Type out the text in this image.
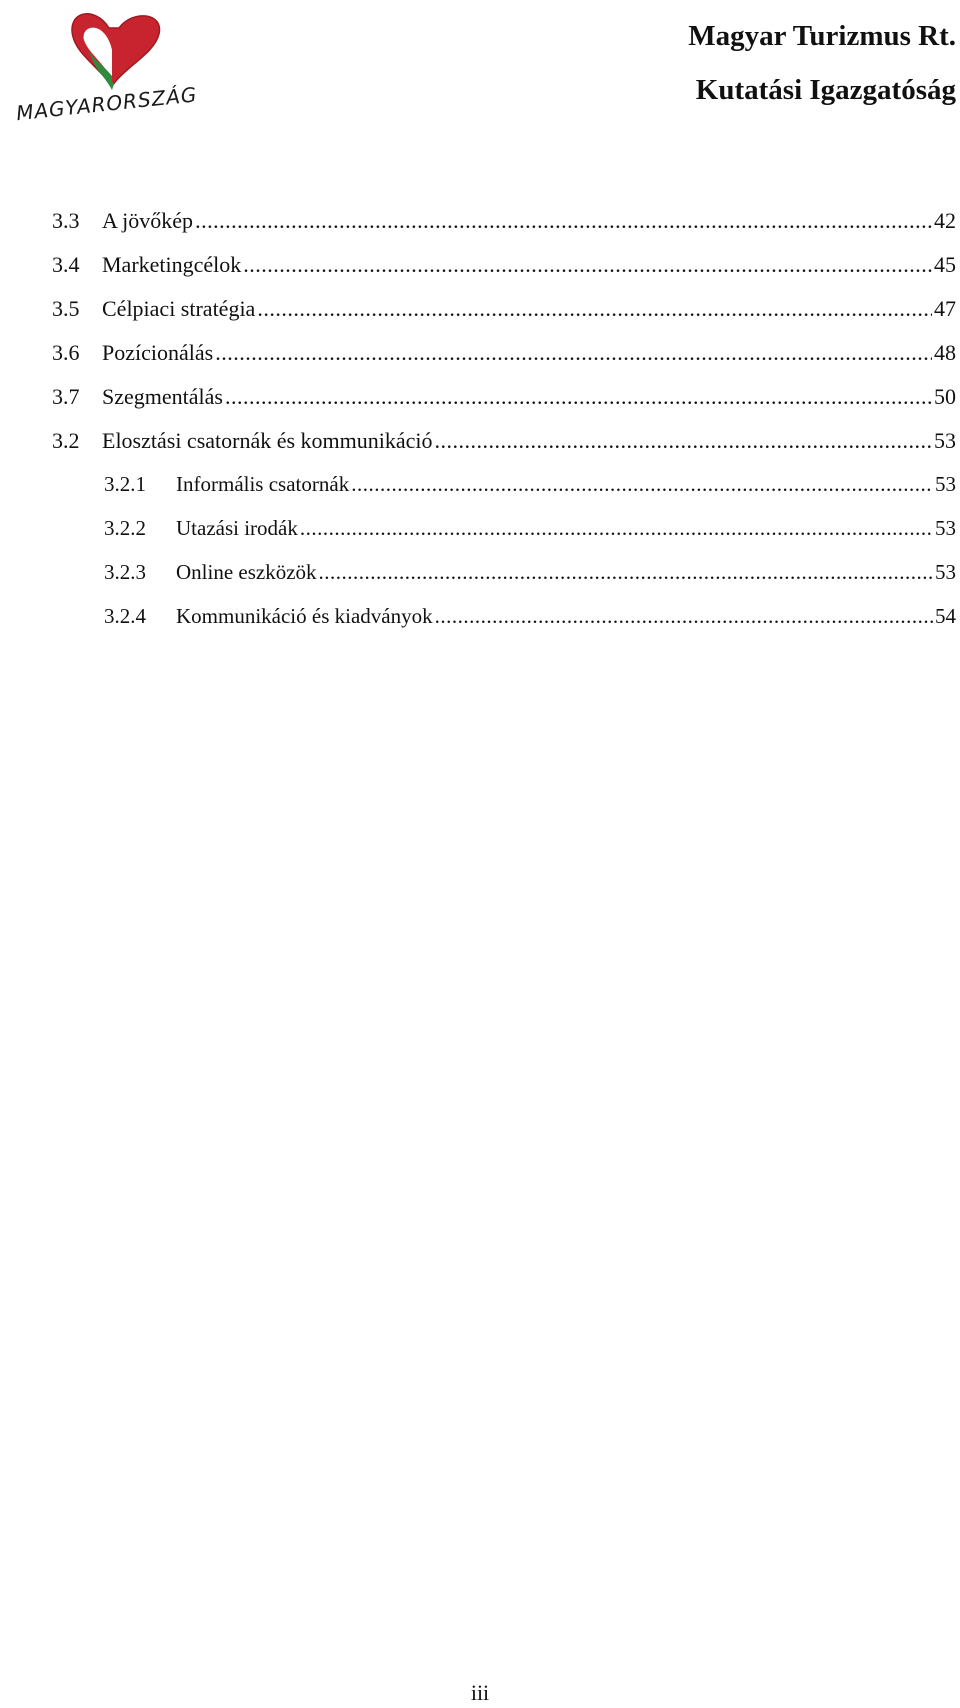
MAGYARORSZÁG
Magyar Turizmus Rt.
Kutatási Igazgatóság
3.3	A jövőkép .....	42
3.4	Marketingcélok .....	45
3.5	Célpiaci stratégia .....	47
3.6	Pozícionálás .....	48
3.7	Szegmentálás .....	50
3.2	Elosztási csatornák és kommunikáció .....	53
3.2.1	Informális csatornák .....	53
3.2.2	Utazási irodák .....	53
3.2.3	Online eszközök .....	53
3.2.4	Kommunikáció és kiadványok .....	54
iii
